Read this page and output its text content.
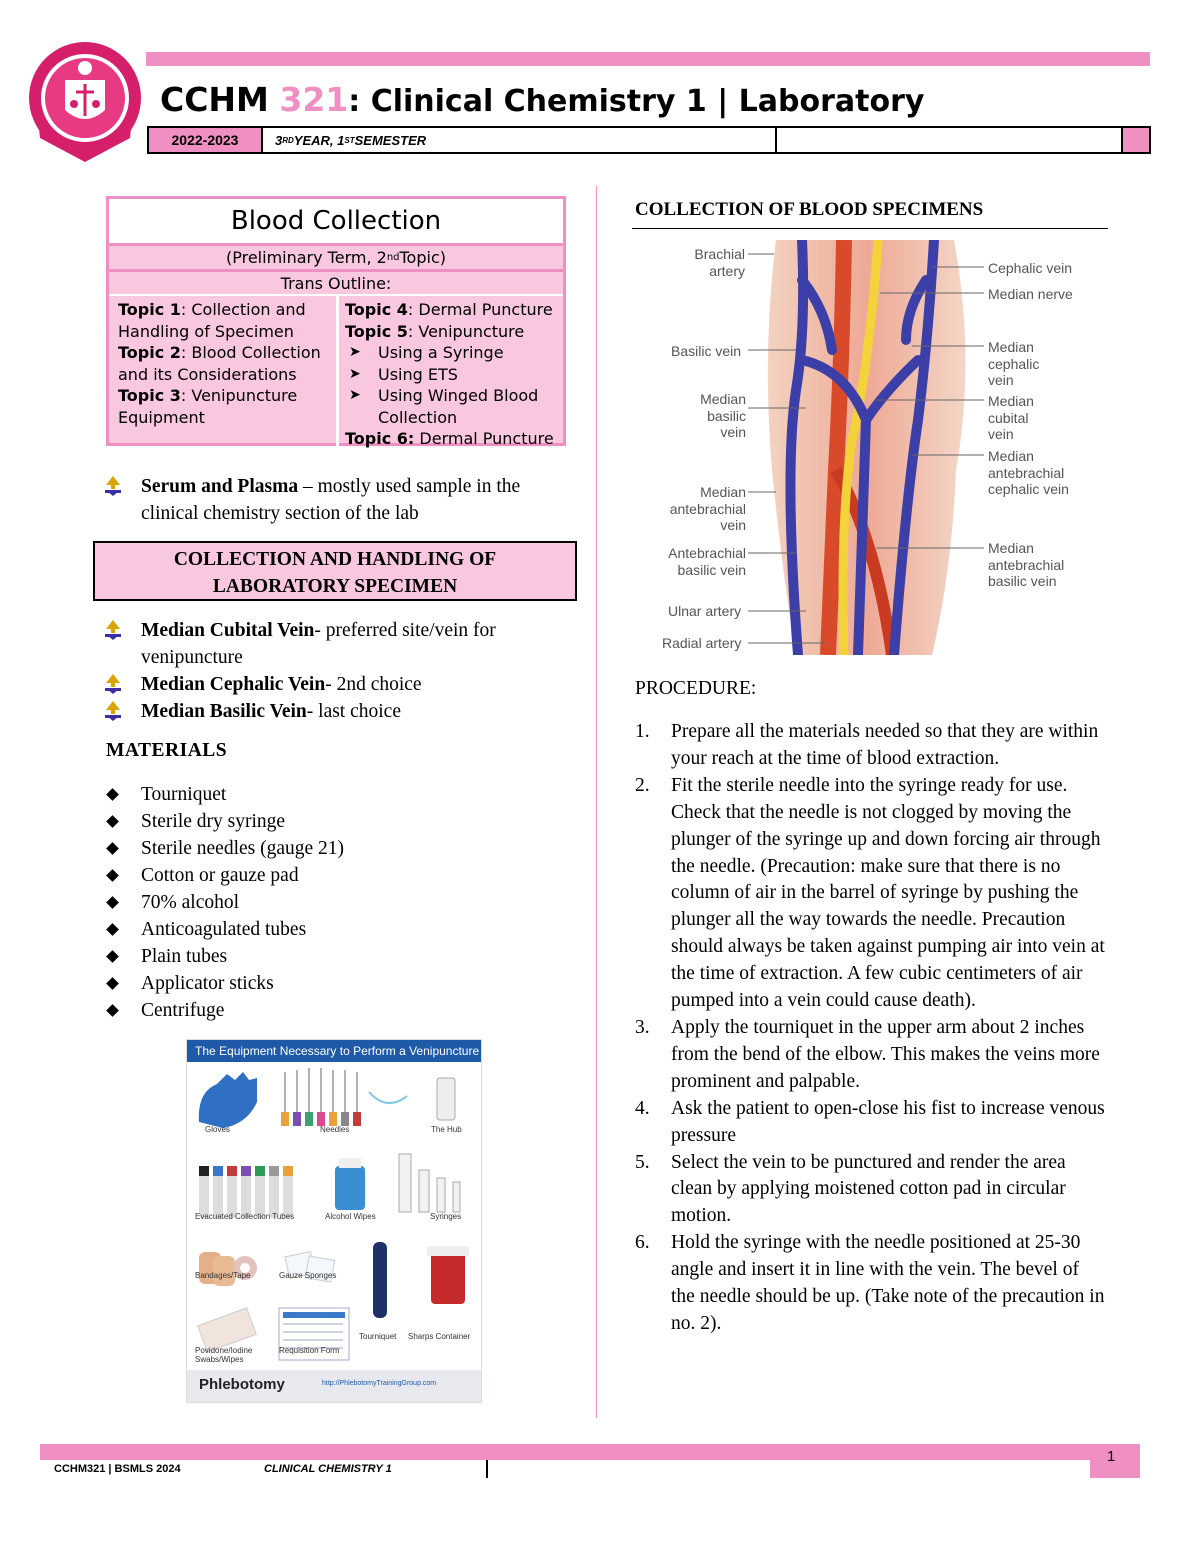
CCHM 321: Clinical Chemistry 1 | Laboratory
2022-2023	3 RD YEAR, 1 ST SEMESTER
Blood Collection
(Preliminary Term, 2 nd Topic)
Trans Outline:
Topic 1: Collection and Handling of Specimen
Topic 2: Blood Collection and its Considerations
Topic 3: Venipuncture Equipment
Topic 4: Dermal Puncture
Topic 5: Venipuncture
➤ Using a Syringe
➤ Using ETS
➤ Using Winged Blood Collection
Topic 6: Dermal Puncture
Serum and Plasma – mostly used sample in the clinical chemistry section of the lab
COLLECTION AND HANDLING OF
LABORATORY SPECIMEN
Median Cubital Vein- preferred site/vein for venipuncture
Median Cephalic Vein- 2nd choice
Median Basilic Vein- last choice
MATERIALS
Tourniquet
Sterile dry syringe
Sterile needles (gauge 21)
Cotton or gauze pad
70% alcohol
Anticoagulated tubes
Plain tubes
Applicator sticks
Centrifuge
The Equipment Necessary to Perform a Venipuncture
Gloves	Needles	The Hub
Evacuated Collection Tubes	Alcohol Wipes	Syringes
Bandages/Tape	Gauze Sponges
Povidone/Iodine Swabs/Wipes
Requisition Form
Tourniquet Sharps Container
Phlebotomy	http://PhlebotomyTrainingGroup.com
COLLECTION OF BLOOD SPECIMENS
Brachial artery
Basilic vein
Median basilic vein
Median antebrachial vein
Antebrachial basilic vein
Ulnar artery
Radial artery
Cephalic vein
Median nerve
Median cephalic vein
Median cubital vein
Median antebrachial cephalic vein
Median antebrachial basilic vein
PROCEDURE:
1. Prepare all the materials needed so that they are within your reach at the time of blood extraction.
2. Fit the sterile needle into the syringe ready for use. Check that the needle is not clogged by moving the plunger of the syringe up and down forcing air through the needle. (Precaution: make sure that there is no column of air in the barrel of syringe by pushing the plunger all the way towards the needle. Precaution should always be taken against pumping air into vein at the time of extraction. A few cubic centimeters of air pumped into a vein could cause death).
3. Apply the tourniquet in the upper arm about 2 inches from the bend of the elbow. This makes the veins more prominent and palpable.
4. Ask the patient to open-close his fist to increase venous pressure
5. Select the vein to be punctured and render the area clean by applying moistened cotton pad in circular motion.
6. Hold the syringe with the needle positioned at 25-30 angle and insert it in line with the vein. The bevel of the needle should be up. (Take note of the precaution in no. 2).
CCHM321 | BSMLS 2024	CLINICAL CHEMISTRY 1
1
